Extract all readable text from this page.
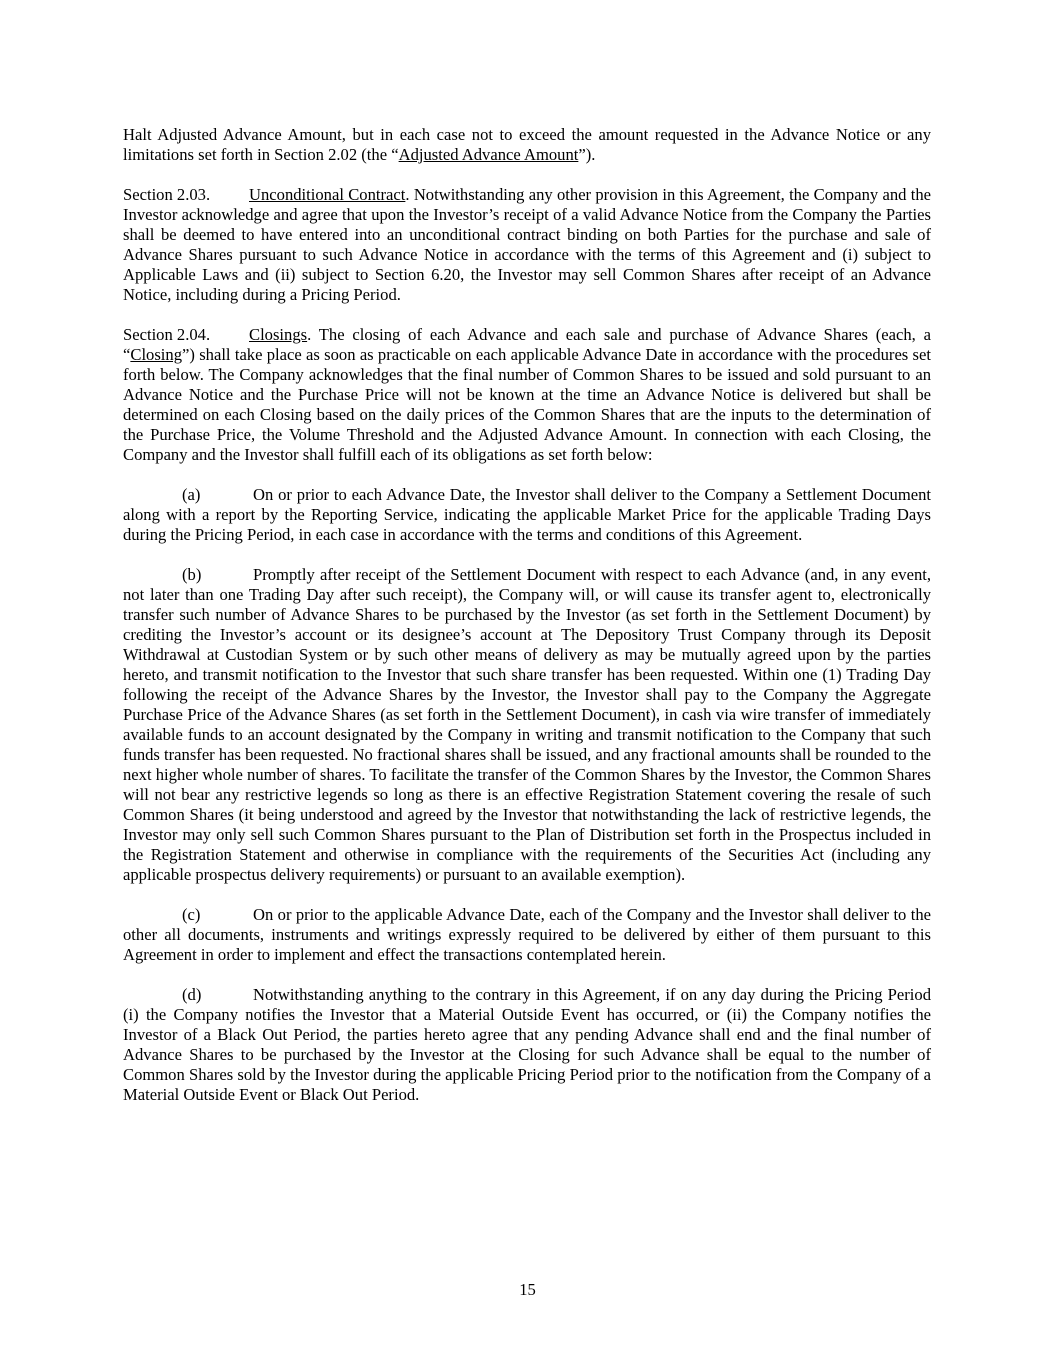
Halt Adjusted Advance Amount, but in each case not to exceed the amount requested in the Advance Notice or any limitations set forth in Section 2.02 (the “Adjusted Advance Amount”).

Section 2.03. Unconditional Contract. Notwithstanding any other provision in this Agreement, the Company and the Investor acknowledge and agree that upon the Investor’s receipt of a valid Advance Notice from the Company the Parties shall be deemed to have entered into an unconditional contract binding on both Parties for the purchase and sale of Advance Shares pursuant to such Advance Notice in accordance with the terms of this Agreement and (i) subject to Applicable Laws and (ii) subject to Section 6.20, the Investor may sell Common Shares after receipt of an Advance Notice, including during a Pricing Period.

Section 2.04. Closings. The closing of each Advance and each sale and purchase of Advance Shares (each, a “Closing”) shall take place as soon as practicable on each applicable Advance Date in accordance with the procedures set forth below. The Company acknowledges that the final number of Common Shares to be issued and sold pursuant to an Advance Notice and the Purchase Price will not be known at the time an Advance Notice is delivered but shall be determined on each Closing based on the daily prices of the Common Shares that are the inputs to the determination of the Purchase Price, the Volume Threshold and the Adjusted Advance Amount. In connection with each Closing, the Company and the Investor shall fulfill each of its obligations as set forth below:

(a)	On or prior to each Advance Date, the Investor shall deliver to the Company a Settlement Document along with a report by the Reporting Service, indicating the applicable Market Price for the applicable Trading Days during the Pricing Period, in each case in accordance with the terms and conditions of this Agreement.

(b)	Promptly after receipt of the Settlement Document with respect to each Advance (and, in any event, not later than one Trading Day after such receipt), the Company will, or will cause its transfer agent to, electronically transfer such number of Advance Shares to be purchased by the Investor (as set forth in the Settlement Document) by crediting the Investor’s account or its designee’s account at The Depository Trust Company through its Deposit Withdrawal at Custodian System or by such other means of delivery as may be mutually agreed upon by the parties hereto, and transmit notification to the Investor that such share transfer has been requested. Within one (1) Trading Day following the receipt of the Advance Shares by the Investor, the Investor shall pay to the Company the Aggregate Purchase Price of the Advance Shares (as set forth in the Settlement Document), in cash via wire transfer of immediately available funds to an account designated by the Company in writing and transmit notification to the Company that such funds transfer has been requested. No fractional shares shall be issued, and any fractional amounts shall be rounded to the next higher whole number of shares. To facilitate the transfer of the Common Shares by the Investor, the Common Shares will not bear any restrictive legends so long as there is an effective Registration Statement covering the resale of such Common Shares (it being understood and agreed by the Investor that notwithstanding the lack of restrictive legends, the Investor may only sell such Common Shares pursuant to the Plan of Distribution set forth in the Prospectus included in the Registration Statement and otherwise in compliance with the requirements of the Securities Act (including any applicable prospectus delivery requirements) or pursuant to an available exemption).

(c)	On or prior to the applicable Advance Date, each of the Company and the Investor shall deliver to the other all documents, instruments and writings expressly required to be delivered by either of them pursuant to this Agreement in order to implement and effect the transactions contemplated herein.

(d)	Notwithstanding anything to the contrary in this Agreement, if on any day during the Pricing Period (i) the Company notifies the Investor that a Material Outside Event has occurred, or (ii) the Company notifies the Investor of a Black Out Period, the parties hereto agree that any pending Advance shall end and the final number of Advance Shares to be purchased by the Investor at the Closing for such Advance shall be equal to the number of Common Shares sold by the Investor during the applicable Pricing Period prior to the notification from the Company of a Material Outside Event or Black Out Period.

15
